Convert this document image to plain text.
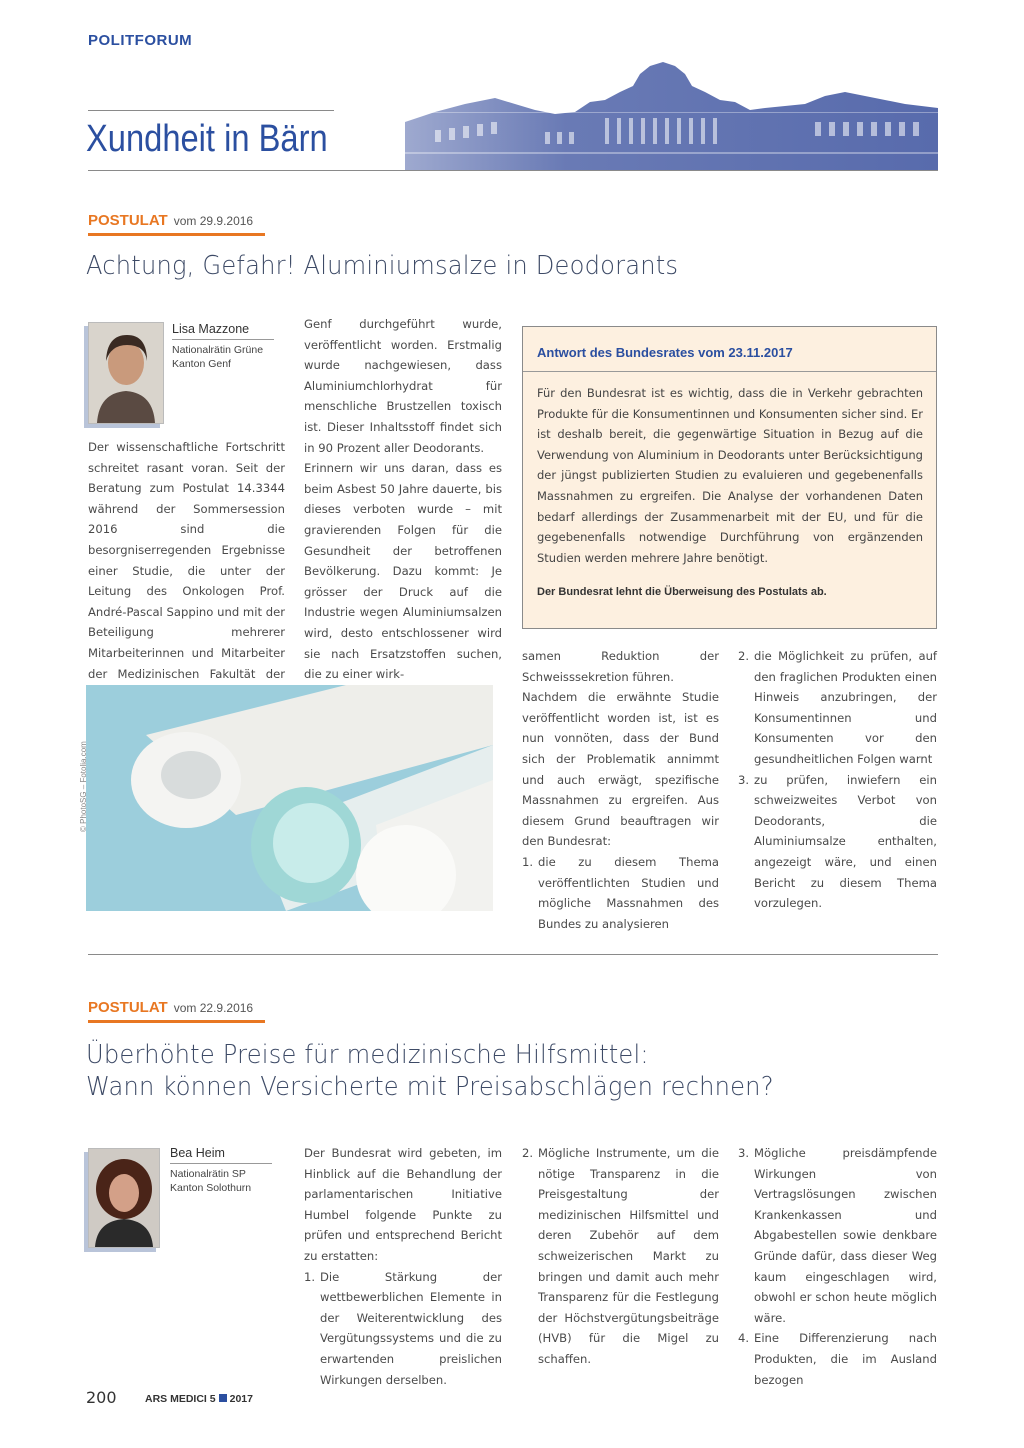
POLITFORUM
Xundheit in Bärn
POSTULAT vom 29.9.2016
Achtung, Gefahr! Aluminiumsalze in Deodorants
Lisa Mazzone
Nationalrätin Grüne
Kanton Genf

Der wissenschaftliche Fortschritt schreitet rasant voran. Seit der Beratung zum Postulat 14.3344 während der Sommersession 2016 sind die besorgniserregenden Ergebnisse einer Studie, die unter der Leitung des Onkologen Prof. André-Pascal Sappino und mit der Beteiligung mehrerer Mitarbeiterinnen und Mitarbeiter der Medizinischen Fakultät der

Genf durchgeführt wurde, veröffentlicht worden. Erstmalig wurde nachgewiesen, dass Aluminiumchlorhydrat für menschliche Brustzellen toxisch ist. Dieser Inhaltsstoff findet sich in 90 Prozent aller Deodorants.

Erinnern wir uns daran, dass es beim Asbest 50 Jahre dauerte, bis dieses verboten wurde – mit gravierenden Folgen für die Gesundheit der betroffenen Bevölkerung. Dazu kommt: Je grösser der Druck auf die Industrie wegen Aluminiumsalzen wird, desto entschlossener wird sie nach Ersatzstoffen suchen, die zu einer wirk-

Antwort des Bundesrates vom 23.11.2017
Für den Bundesrat ist es wichtig, dass die in Verkehr gebrachten Produkte für die Konsumentinnen und Konsumenten sicher sind. Er ist deshalb bereit, die gegenwärtige Situation in Bezug auf die Verwendung von Aluminium in Deodorants unter Berücksichtigung der jüngst publizierten Studien zu evaluieren und gegebenenfalls Massnahmen zu ergreifen. Die Analyse der vorhandenen Daten bedarf allerdings der Zusammenarbeit mit der EU, und für die gegebenenfalls notwendige Durchführung von ergänzenden Studien werden mehrere Jahre benötigt.
Der Bundesrat lehnt die Überweisung des Postulats ab.
© PhotoSG – Fotolia.com

samen Reduktion der Schweisssekretion führen.

Nachdem die erwähnte Studie veröffentlicht worden ist, ist es nun vonnöten, dass der Bund sich der Problematik annimmt und auch erwägt, spezifische Massnahmen zu ergreifen. Aus diesem Grund beauftragen wir den Bundesrat:

1. die zu diesem Thema veröffentlichten Studien und mögliche Massnahmen des Bundes zu analysieren
2. die Möglichkeit zu prüfen, auf den fraglichen Produkten einen Hinweis anzubringen, der Konsumentinnen und Konsumenten vor den gesundheitlichen Folgen warnt
3. zu prüfen, inwiefern ein schweizweites Verbot von Deodorants, die Aluminiumsalze enthalten, angezeigt wäre, und einen Bericht zu diesem Thema vorzulegen.
POSTULAT vom 22.9.2016
Überhöhte Preise für medizinische Hilfsmittel:
Wann können Versicherte mit Preisabschlägen rechnen?
Bea Heim
Nationalrätin SP
Kanton Solothurn

Der Bundesrat wird gebeten, im Hinblick auf die Behandlung der parlamentarischen Initiative Humbel folgende Punkte zu prüfen und entsprechend Bericht zu erstatten:

1. Die Stärkung der wettbewerblichen Elemente in der Weiterentwicklung des Vergütungssystems und die zu erwartenden preislichen Wirkungen derselben.
2. Mögliche Instrumente, um die nötige Transparenz in die Preisgestaltung der medizinischen Hilfsmittel und deren Zubehör auf dem schweizerischen Markt zu bringen und damit auch mehr Transparenz für die Festlegung der Höchstvergütungsbeiträge (HVB) für die Migel zu schaffen.
3. Mögliche preisdämpfende Wirkungen von Vertragslösungen zwischen Krankenkassen und Abgabestellen sowie denkbare Gründe dafür, dass dieser Weg kaum eingeschlagen wird, obwohl er schon heute möglich wäre.
4. Eine Differenzierung nach Produkten, die im Ausland bezogen
200	ARS MEDICI 5 2017
